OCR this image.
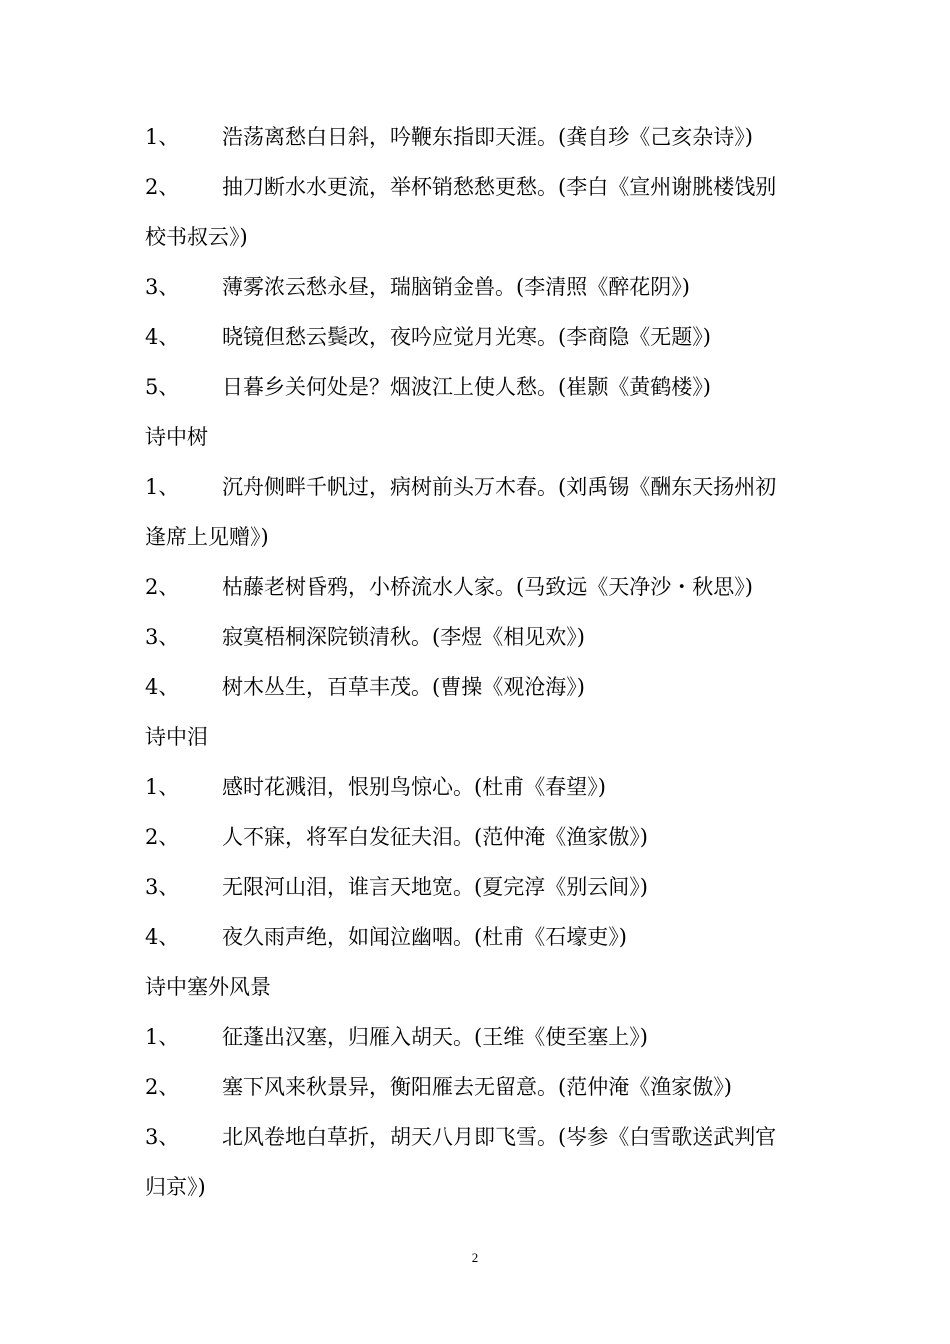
1、 浩荡离愁白日斜，吟鞭东指即天涯。(龚自珍《己亥杂诗》)
2、 抽刀断水水更流，举杯销愁愁更愁。(李白《宣州谢朓楼饯别
校书叔云》)
3、 薄雾浓云愁永昼，瑞脑销金兽。(李清照《醉花阴》)
4、 晓镜但愁云鬓改，夜吟应觉月光寒。(李商隐《无题》)
5、 日暮乡关何处是？烟波江上使人愁。(崔颢《黄鹤楼》)
诗中树
1、 沉舟侧畔千帆过，病树前头万木春。(刘禹锡《酬东天扬州初
逢席上见赠》)
2、 枯藤老树昏鸦，小桥流水人家。(马致远《天净沙・秋思》)
3、 寂寞梧桐深院锁清秋。(李煜《相见欢》)
4、 树木丛生，百草丰茂。(曹操《观沧海》)
诗中泪
1、 感时花溅泪，恨别鸟惊心。(杜甫《春望》)
2、 人不寐，将军白发征夫泪。(范仲淹《渔家傲》)
3、 无限河山泪，谁言天地宽。(夏完淳《别云间》)
4、 夜久雨声绝，如闻泣幽咽。(杜甫《石壕吏》)
诗中塞外风景
1、 征蓬出汉塞，归雁入胡天。(王维《使至塞上》)
2、 塞下风来秋景异，衡阳雁去无留意。(范仲淹《渔家傲》)
3、 北风卷地白草折，胡天八月即飞雪。(岑参《白雪歌送武判官
归京》)
2
